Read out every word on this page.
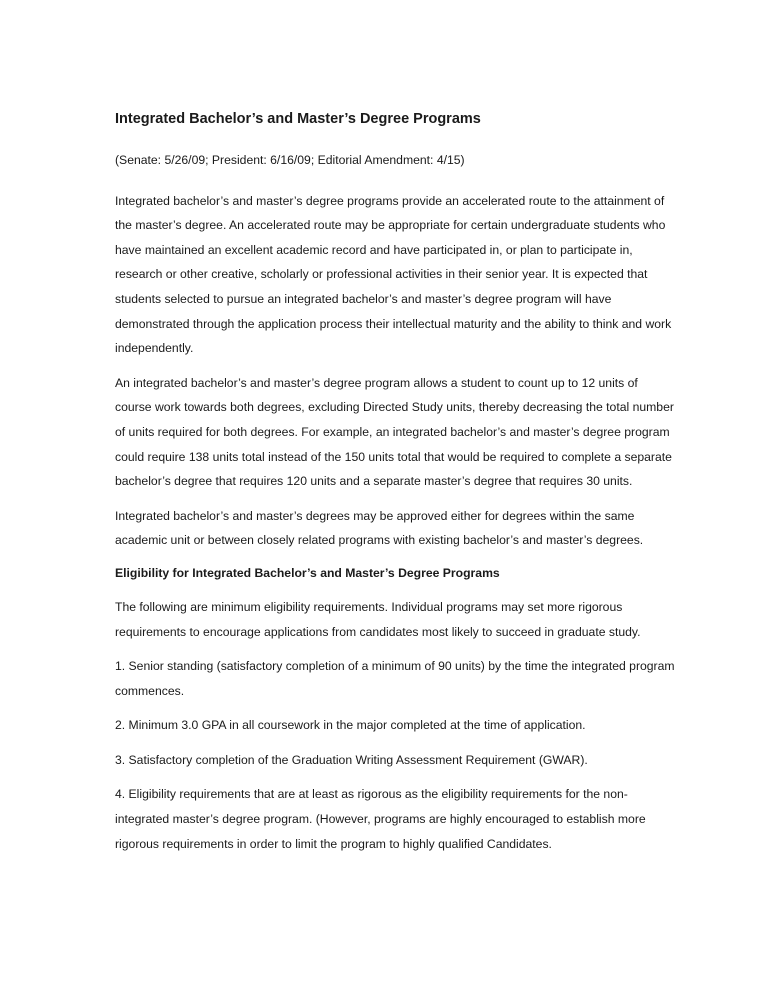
Integrated Bachelor’s and Master’s Degree Programs
(Senate: 5/26/09; President: 6/16/09; Editorial Amendment: 4/15)
Integrated bachelor’s and master’s degree programs provide an accelerated route to the attainment of the master’s degree. An accelerated route may be appropriate for certain undergraduate students who have maintained an excellent academic record and have participated in, or plan to participate in, research or other creative, scholarly or professional activities in their senior year. It is expected that students selected to pursue an integrated bachelor’s and master’s degree program will have demonstrated through the application process their intellectual maturity and the ability to think and work independently.
An integrated bachelor’s and master’s degree program allows a student to count up to 12 units of course work towards both degrees, excluding Directed Study units, thereby decreasing the total number of units required for both degrees. For example, an integrated bachelor’s and master’s degree program could require 138 units total instead of the 150 units total that would be required to complete a separate bachelor’s degree that requires 120 units and a separate master’s degree that requires 30 units.
Integrated bachelor’s and master’s degrees may be approved either for degrees within the same academic unit or between closely related programs with existing bachelor’s and master’s degrees.
Eligibility for Integrated Bachelor’s and Master’s Degree Programs
The following are minimum eligibility requirements. Individual programs may set more rigorous requirements to encourage applications from candidates most likely to succeed in graduate study.
1. Senior standing (satisfactory completion of a minimum of 90 units) by the time the integrated program commences.
2. Minimum 3.0 GPA in all coursework in the major completed at the time of application.
3. Satisfactory completion of the Graduation Writing Assessment Requirement (GWAR).
4. Eligibility requirements that are at least as rigorous as the eligibility requirements for the non-integrated master’s degree program. (However, programs are highly encouraged to establish more rigorous requirements in order to limit the program to highly qualified Candidates.
